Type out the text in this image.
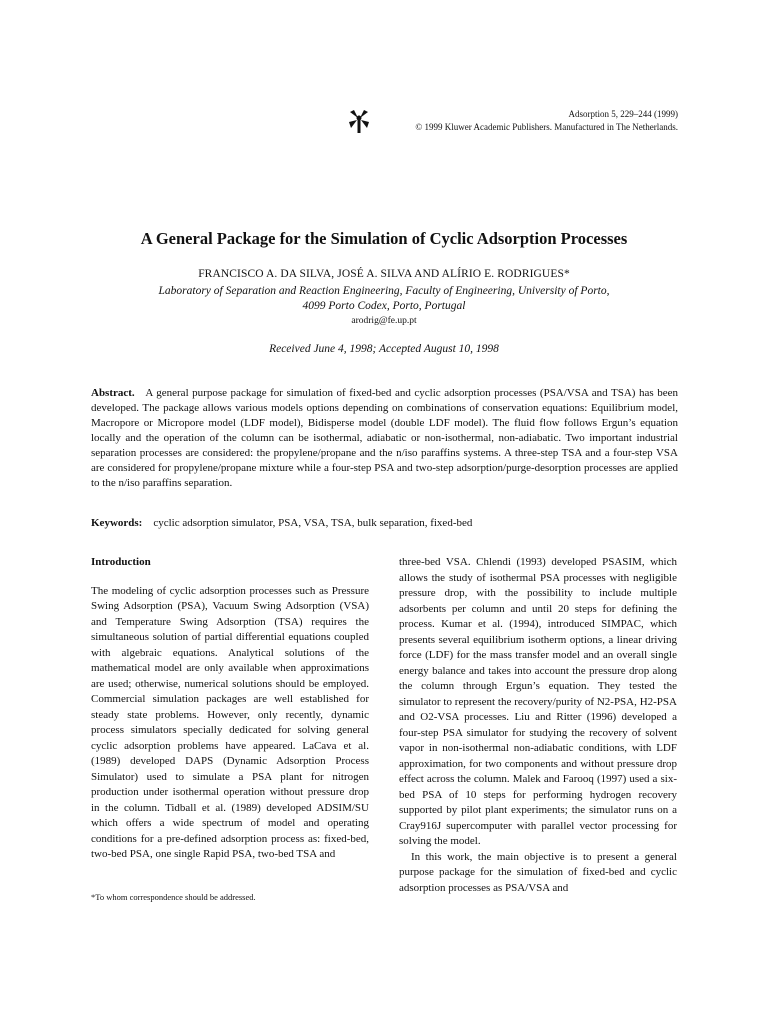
Adsorption 5, 229–244 (1999)
© 1999 Kluwer Academic Publishers. Manufactured in The Netherlands.
A General Package for the Simulation of Cyclic Adsorption Processes
FRANCISCO A. DA SILVA, JOSÉ A. SILVA AND ALÍRIO E. RODRIGUES*
Laboratory of Separation and Reaction Engineering, Faculty of Engineering, University of Porto,
4099 Porto Codex, Porto, Portugal
arodrig@fe.up.pt
Received June 4, 1998; Accepted August 10, 1998
Abstract. A general purpose package for simulation of fixed-bed and cyclic adsorption processes (PSA/VSA and TSA) has been developed. The package allows various models options depending on combinations of conservation equations: Equilibrium model, Macropore or Micropore model (LDF model), Bidisperse model (double LDF model). The fluid flow follows Ergun’s equation locally and the operation of the column can be isothermal, adiabatic or non-isothermal, non-adiabatic. Two important industrial separation processes are considered: the propylene/propane and the n/iso paraffins systems. A three-step TSA and a four-step VSA are considered for propylene/propane mixture while a four-step PSA and two-step adsorption/purge-desorption processes are applied to the n/iso paraffins separation.
Keywords: cyclic adsorption simulator, PSA, VSA, TSA, bulk separation, fixed-bed

Introduction

The modeling of cyclic adsorption processes such as Pressure Swing Adsorption (PSA), Vacuum Swing Adsorption (VSA) and Temperature Swing Adsorption (TSA) requires the simultaneous solution of partial differential equations coupled with algebraic equations. Analytical solutions of the mathematical model are only available when approximations are used; otherwise, numerical solutions should be employed. Commercial simulation packages are well established for steady state problems. However, only recently, dynamic process simulators specially dedicated for solving general cyclic adsorption problems have appeared. LaCava et al. (1989) developed DAPS (Dynamic Adsorption Process Simulator) used to simulate a PSA plant for nitrogen production under isothermal operation without pressure drop in the column. Tidball et al. (1989) developed ADSIM/SU which offers a wide spectrum of model and operating conditions for a pre-defined adsorption process as: fixed-bed, two-bed PSA, one single Rapid PSA, two-bed TSA and

three-bed VSA. Chlendi (1993) developed PSASIM, which allows the study of isothermal PSA processes with negligible pressure drop, with the possibility to include multiple adsorbents per column and until 20 steps for defining the process. Kumar et al. (1994), introduced SIMPAC, which presents several equilibrium isotherm options, a linear driving force (LDF) for the mass transfer model and an overall single energy balance and takes into account the pressure drop along the column through Ergun’s equation. They tested the simulator to represent the recovery/purity of N2-PSA, H2-PSA and O2-VSA processes. Liu and Ritter (1996) developed a four-step PSA simulator for studying the recovery of solvent vapor in non-isothermal non-adiabatic conditions, with LDF approximation, for two components and without pressure drop effect across the column. Malek and Farooq (1997) used a six-bed PSA of 10 steps for performing hydrogen recovery supported by pilot plant experiments; the simulator runs on a Cray916J supercomputer with parallel vector processing for solving the model.

In this work, the main objective is to present a general purpose package for the simulation of fixed-bed and cyclic adsorption processes as PSA/VSA and

*To whom correspondence should be addressed.
